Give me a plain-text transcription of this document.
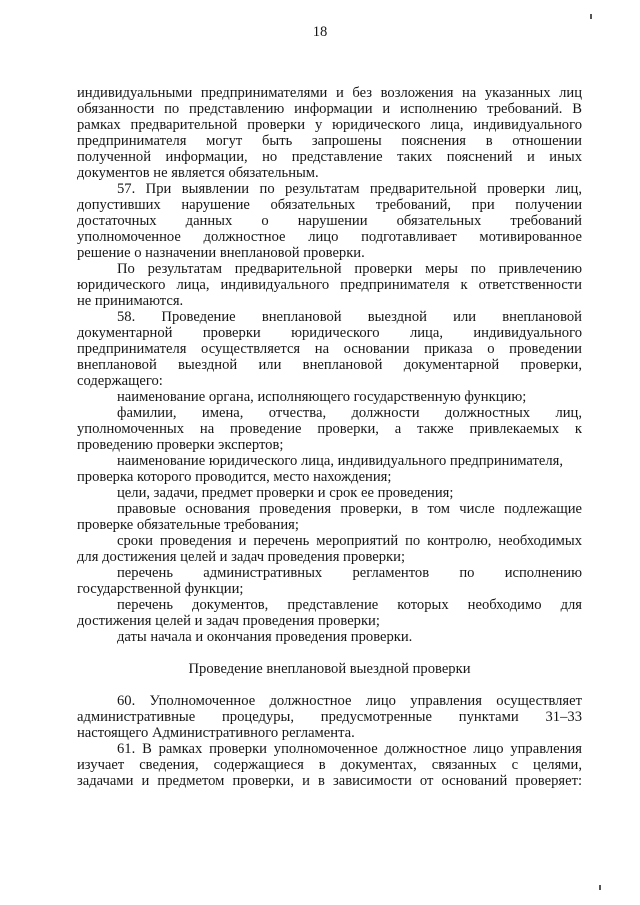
18
индивидуальными предпринимателями и без возложения на указанных лиц
обязанности по представлению информации и исполнению требований. В
рамках предварительной проверки у юридического лица, индивидуального
предпринимателя могут быть запрошены пояснения в отношении
полученной информации, но представление таких пояснений и иных
документов не является обязательным.
57. При выявлении по результатам предварительной проверки лиц,
допустивших нарушение обязательных требований, при получении
достаточных данных о нарушении обязательных требований
уполномоченное должностное лицо подготавливает мотивированное
решение о назначении внеплановой проверки.
По результатам предварительной проверки меры по привлечению
юридического лица, индивидуального предпринимателя к ответственности
не принимаются.
58. Проведение внеплановой выездной или внеплановой
документарной проверки юридического лица, индивидуального
предпринимателя осуществляется на основании приказа о проведении
внеплановой выездной или внеплановой документарной проверки,
содержащего:
наименование органа, исполняющего государственную функцию;
фамилии, имена, отчества, должности должностных лиц,
уполномоченных на проведение проверки, а также привлекаемых к
проведению проверки экспертов;
наименование юридического лица, индивидуального предпринимателя,
проверка которого проводится, место нахождения;
цели, задачи, предмет проверки и срок ее проведения;
правовые основания проведения проверки, в том числе подлежащие
проверке обязательные требования;
сроки проведения и перечень мероприятий по контролю, необходимых
для достижения целей и задач проведения проверки;
перечень административных регламентов по исполнению
государственной функции;
перечень документов, представление которых необходимо для
достижения целей и задач проведения проверки;
даты начала и окончания проведения проверки.
Проведение внеплановой выездной проверки
60. Уполномоченное должностное лицо управления осуществляет
административные процедуры, предусмотренные пунктами 31–33
настоящего Административного регламента.
61. В рамках проверки уполномоченное должностное лицо управления
изучает сведения, содержащиеся в документах, связанных с целями,
задачами и предметом проверки, и в зависимости от оснований проверяет:
